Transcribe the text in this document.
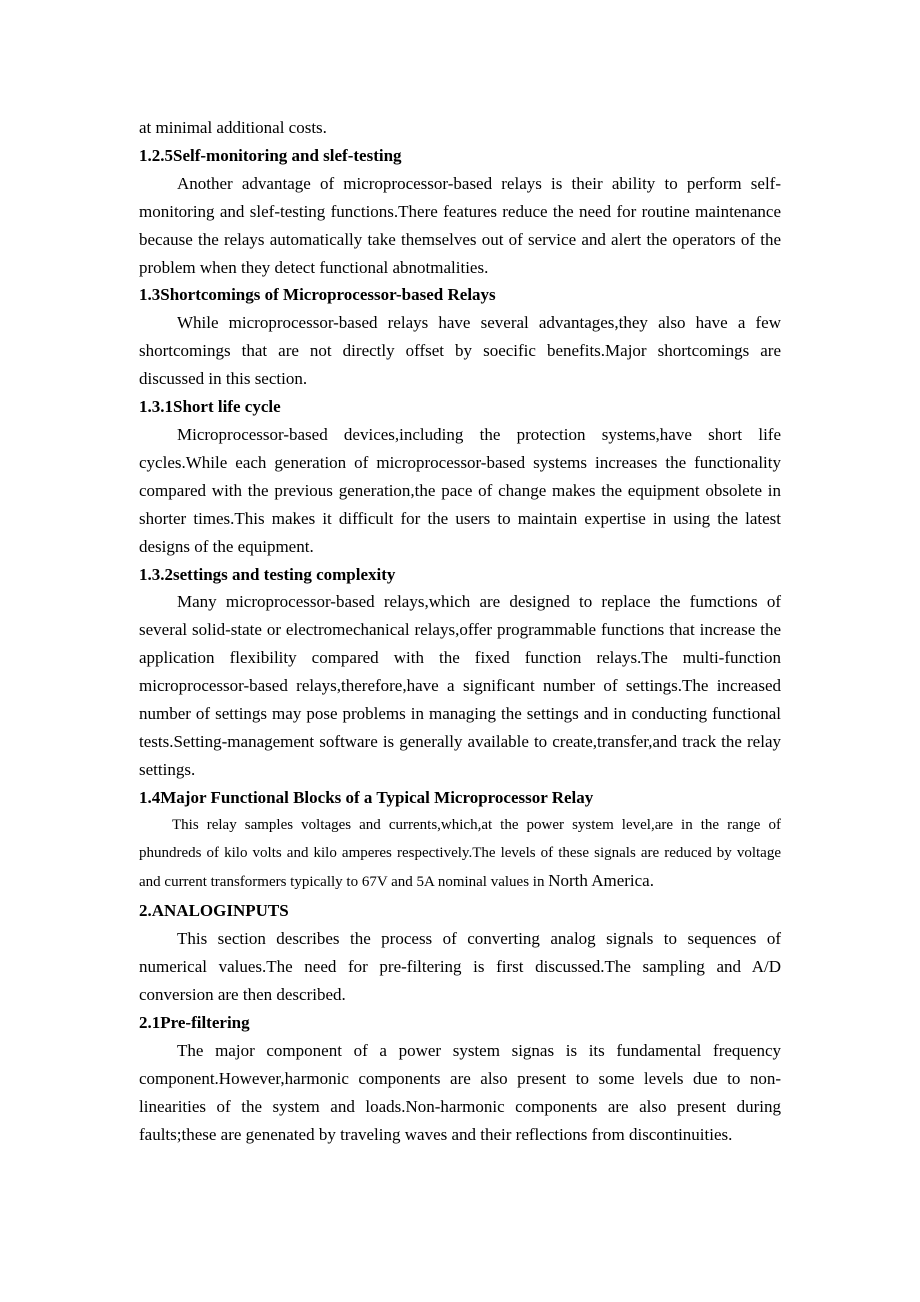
at minimal additional costs.

1.2.5Self-monitoring and slef-testing

Another advantage of microprocessor-based relays is their ability to perform self-monitoring and slef-testing functions.There features reduce the need for routine maintenance because the relays automatically take themselves out of service and alert the operators of the problem when they detect functional abnotmalities.

1.3Shortcomings of Microprocessor-based Relays

While microprocessor-based relays have several advantages,they also have a few shortcomings that are not directly offset by soecific benefits.Major shortcomings are discussed in this section.

1.3.1Short life cycle

Microprocessor-based devices,including the protection systems,have short life cycles.While each generation of microprocessor-based systems increases the functionality compared with the previous generation,the pace of change makes the equipment obsolete in shorter times.This makes it difficult for the users to maintain expertise in using the latest designs of the equipment.

1.3.2settings and testing complexity

Many microprocessor-based relays,which are designed to replace the fumctions of several solid-state or electromechanical relays,offer programmable functions that increase the application flexibility compared with the fixed function relays.The multi-function microprocessor-based relays,therefore,have a significant number of settings.The increased number of settings may pose problems in managing the settings and in conducting functional tests.Setting-management software is generally available to create,transfer,and track the relay settings.

1.4Major Functional Blocks of a Typical Microprocessor Relay

This relay samples voltages and currents,which,at the power system level,are in the range of phundreds of kilo volts and kilo amperes respectively.The levels of these signals are reduced by voltage and current transformers typically to 67V and 5A nominal values in North America.

2.ANALOGINPUTS

This section describes the process of converting analog signals to sequences of numerical values.The need for pre-filtering is first discussed.The sampling and A/D conversion are then described.

2.1Pre-filtering

The major component of a power system signas is its fundamental frequency component.However,harmonic components are also present to some levels due to non-linearities of the system and loads.Non-harmonic components are also present during faults;these are genenated by traveling waves and their reflections from discontinuities.
